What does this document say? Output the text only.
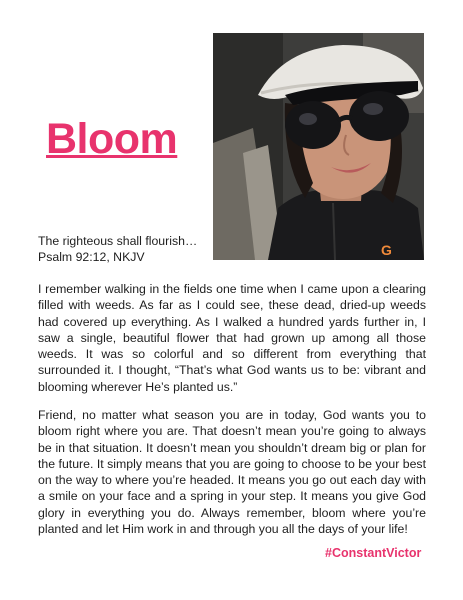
Bloom
G
The righteous shall flourish…
Psalm 92:12, NKJV

I remember walking in the fields one time when I came upon a clearing filled with weeds. As far as I could see, these dead, dried-up weeds had covered up everything. As I walked a hundred yards further in, I saw a single, beautiful flower that had grown up among all those weeds. It was so colorful and so different from everything that surrounded it. I thought, “That’s what God wants us to be: vibrant and blooming wherever He’s planted us.”

Friend, no matter what season you are in today, God wants you to bloom right where you are. That doesn’t mean you’re going to always be in that situation. It doesn’t mean you shouldn’t dream big or plan for the future. It simply means that you are going to choose to be your best on the way to where you’re headed. It means you go out each day with a smile on your face and a spring in your step. It means you give God glory in everything you do. Always remember, bloom where you’re planted and let Him work in and through you all the days of your life!

#ConstantVictor
